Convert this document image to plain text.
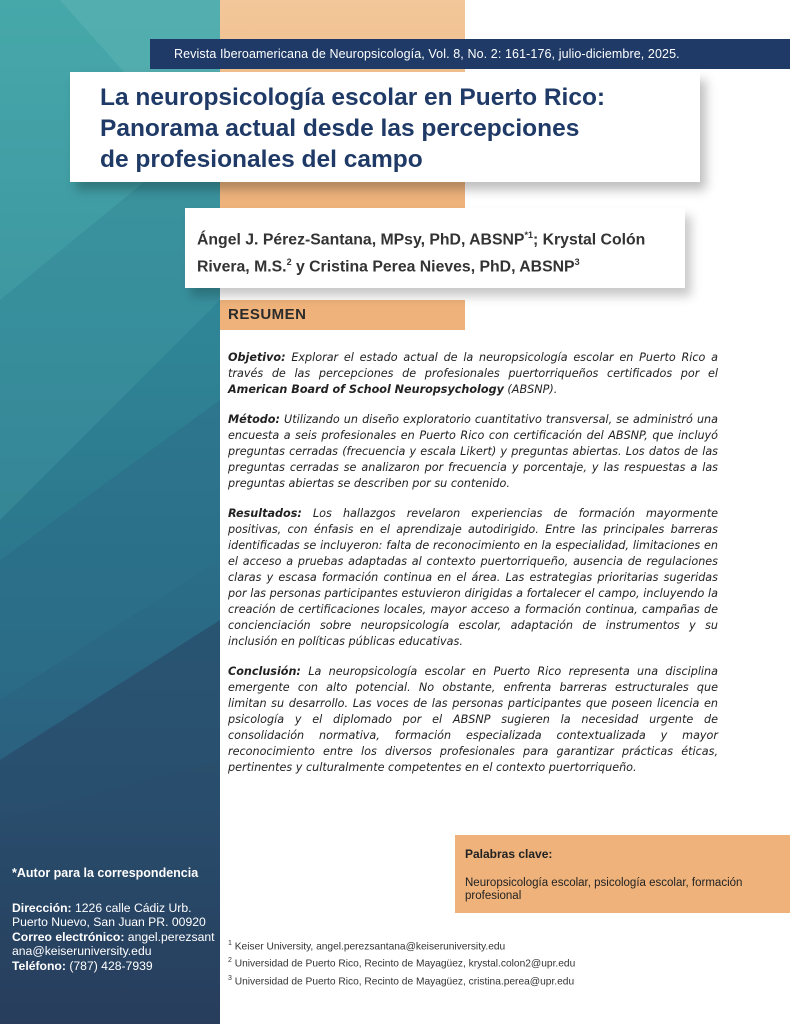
Revista Iberoamericana de Neuropsicología, Vol. 8, No. 2: 161-176, julio-diciembre, 2025.
La neuropsicología escolar en Puerto Rico:
Panorama actual desde las percepciones
de profesionales del campo
Ángel J. Pérez-Santana, MPsy, PhD, ABSNP$^{*1}$; Krystal Colón
Rivera, M.S.$^2$ y Cristina Perea Nieves, PhD, ABSNP$^3$
RESUMEN

Objetivo: Explorar el estado actual de la neuropsicología escolar en Puerto Rico a través de las percepciones de profesionales puertorriqueños certificados por el American Board of School Neuropsychology (ABSNP).

Método: Utilizando un diseño exploratorio cuantitativo transversal, se administró una encuesta a seis profesionales en Puerto Rico con certificación del ABSNP, que incluyó preguntas cerradas (frecuencia y escala Likert) y preguntas abiertas. Los datos de las preguntas cerradas se analizaron por frecuencia y porcentaje, y las respuestas a las preguntas abiertas se describen por su contenido.

Resultados: Los hallazgos revelaron experiencias de formación mayormente positivas, con énfasis en el aprendizaje autodirigido. Entre las principales barreras identificadas se incluyeron: falta de reconocimiento en la especialidad, limitaciones en el acceso a pruebas adaptadas al contexto puertorriqueño, ausencia de regulaciones claras y escasa formación continua en el área. Las estrategias prioritarias sugeridas por las personas participantes estuvieron dirigidas a fortalecer el campo, incluyendo la creación de certificaciones locales, mayor acceso a formación continua, campañas de concienciación sobre neuropsicología escolar, adaptación de instrumentos y su inclusión en políticas públicas educativas.

Conclusión: La neuropsicología escolar en Puerto Rico representa una disciplina emergente con alto potencial. No obstante, enfrenta barreras estructurales que limitan su desarrollo. Las voces de las personas participantes que poseen licencia en psicología y el diplomado por el ABSNP sugieren la necesidad urgente de consolidación normativa, formación especializada contextualizada y mayor reconocimiento entre los diversos profesionales para garantizar prácticas éticas, pertinentes y culturalmente competentes en el contexto puertorriqueño.

Palabras clave:
Neuropsicología escolar, psicología escolar, formación profesional
*Autor para la correspondencia
Dirección: 1226 calle Cádiz Urb. Puerto Nuevo, San Juan PR. 00920
Correo electrónico: angel.perezsantana@keiseruniversity.edu
Teléfono: (787) 428-7939
$^1$ Keiser University, angel.perezsantana@keiseruniversity.edu
$^2$ Universidad de Puerto Rico, Recinto de Mayagüez, krystal.colon2@upr.edu
$^3$ Universidad de Puerto Rico, Recinto de Mayagüez, cristina.perea@upr.edu
